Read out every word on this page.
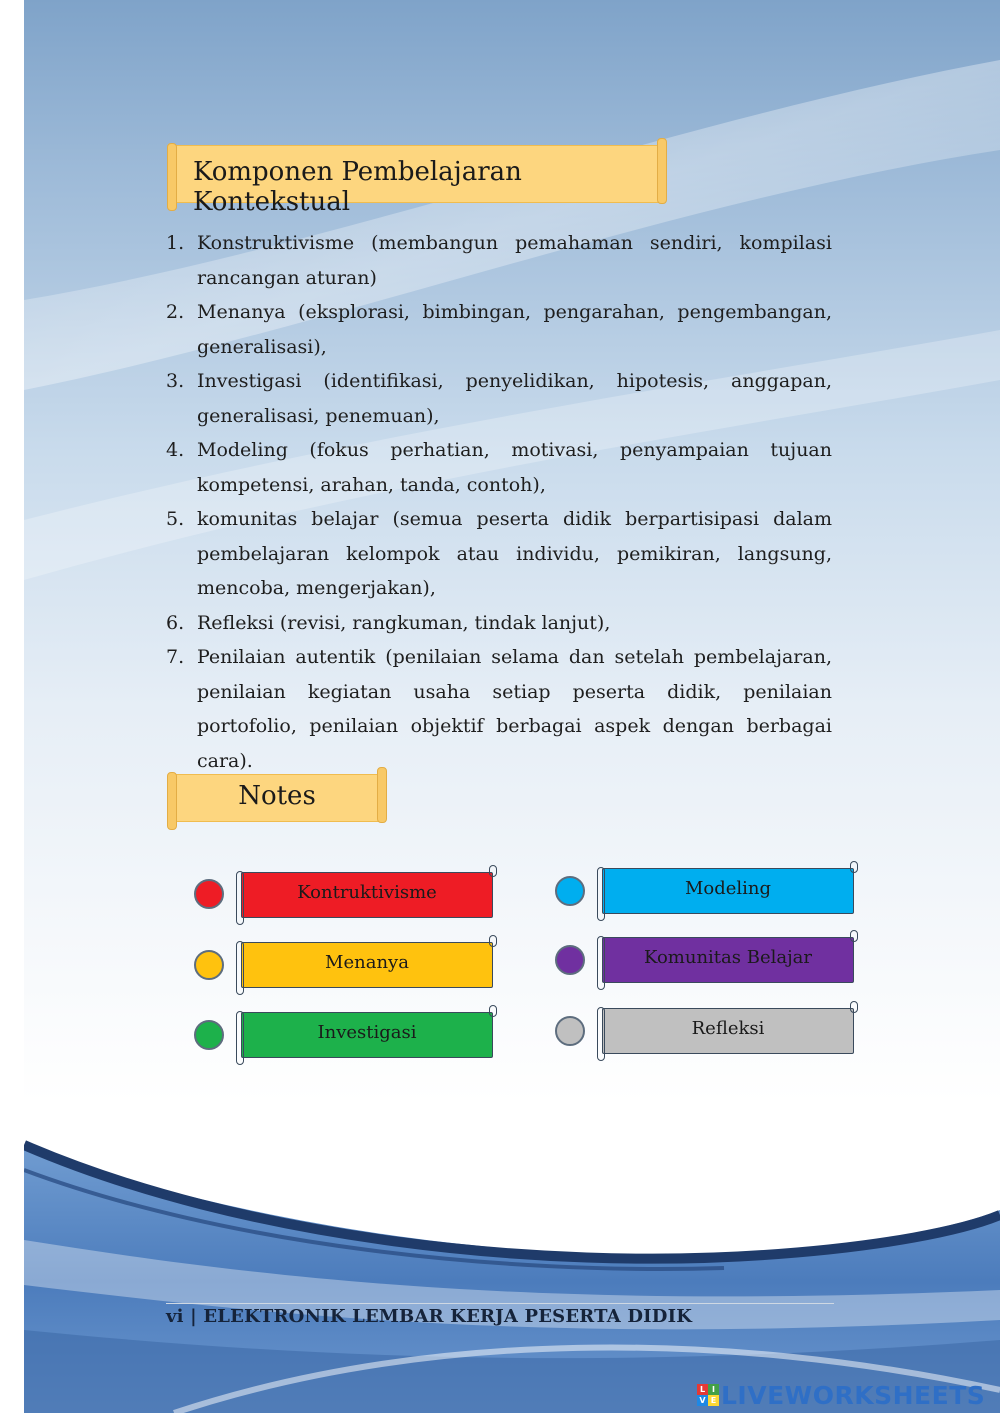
Komponen Pembelajaran Kontekstual
1. Konstruktivisme (membangun pemahaman sendiri, kompilasi rancangan aturan)
2. Menanya (eksplorasi, bimbingan, pengarahan, pengembangan, generalisasi),
3. Investigasi (identifikasi, penyelidikan, hipotesis, anggapan, generalisasi, penemuan),
4. Modeling (fokus perhatian, motivasi, penyampaian tujuan kompetensi, arahan, tanda, contoh),
5. komunitas belajar (semua peserta didik berpartisipasi dalam pembelajaran kelompok atau individu, pemikiran, langsung, mencoba, mengerjakan),
6. Refleksi (revisi, rangkuman, tindak lanjut),
7. Penilaian autentik (penilaian selama dan setelah pembelajaran, penilaian kegiatan usaha setiap peserta didik, penilaian portofolio, penilaian objektif berbagai aspek dengan berbagai cara).
Notes
Kontruktivisme
Menanya
Investigasi
Modeling
Komunitas Belajar
Refleksi
vi | ELEKTRONIK LEMBAR KERJA PESERTA DIDIK
L I
V E LIVEWORKSHEETS
